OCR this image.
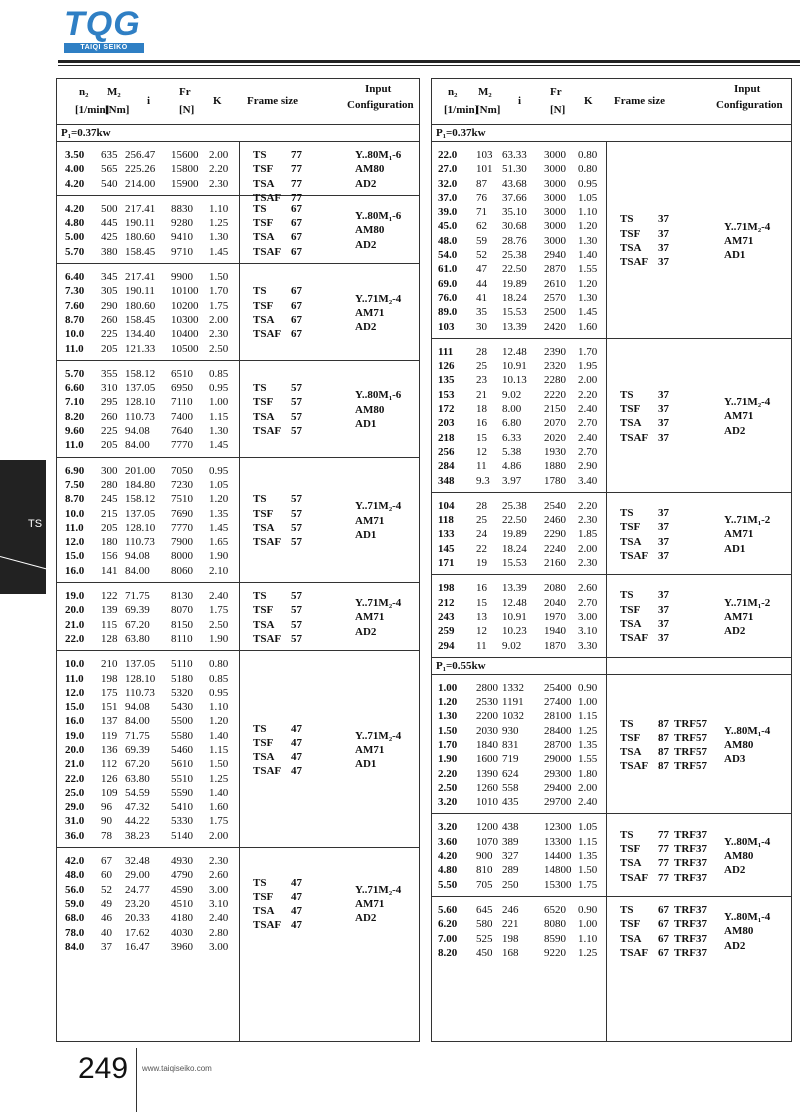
TQG
TAIQI SEIKO
TS
n₂
[1/min]
M₂
[Nm]
i
Fr
[N]
K Frame size
Input
Configuration
P₁=0.37kw
3.50 635 256.47 15600 2.00
4.00 565 225.26 15800 2.20
4.20 540 214.00 15900 2.30
TS 77
TSF 77
TSA 77
TSAF 77
Y..80M₁-6
AM80
AD2
4.20 500 217.41 8830 1.10
4.80 445 190.11 9280 1.25
5.00 425 180.60 9410 1.30
5.70 380 158.45 9710 1.45
TS 67
TSF 67
TSA 67
TSAF 67
Y..80M₁-6
AM80
AD2
6.40 345 217.41 9900 1.50
7.30 305 190.11 10100 1.70
7.60 290 180.60 10200 1.75
8.70 260 158.45 10300 2.00
10.0 225 134.40 10400 2.30
11.0 205 121.33 10500 2.50
TS 67
TSF 67
TSA 67
TSAF 67
Y..71M₂-4
AM71
AD2
5.70 355 158.12 6510 0.85
6.60 310 137.05 6950 0.95
7.10 295 128.10 7110 1.00
8.20 260 110.73 7400 1.15
9.60 225 94.08 7640 1.30
11.0 205 84.00 7770 1.45
TS 57
TSF 57
TSA 57
TSAF 57
Y..80M₁-6
AM80
AD1
6.90 300 201.00 7050 0.95
7.50 280 184.80 7230 1.05
8.70 245 158.12 7510 1.20
10.0 215 137.05 7690 1.35
11.0 205 128.10 7770 1.45
12.0 180 110.73 7900 1.65
15.0 156 94.08 8000 1.90
16.0 141 84.00 8060 2.10
TS 57
TSF 57
TSA 57
TSAF 57
Y..71M₂-4
AM71
AD1
19.0 122 71.75 8130 2.40
20.0 139 69.39 8070 1.75
21.0 115 67.20 8150 2.50
22.0 128 63.80 8110 1.90
TS 57
TSF 57
TSA 57
TSAF 57
Y..71M₂-4
AM71
AD2
10.0 210 137.05 5110 0.80
11.0 198 128.10 5180 0.85
12.0 175 110.73 5320 0.95
15.0 151 94.08 5430 1.10
16.0 137 84.00 5500 1.20
19.0 119 71.75 5580 1.40
20.0 136 69.39 5460 1.15
21.0 112 67.20 5610 1.50
22.0 126 63.80 5510 1.25
25.0 109 54.59 5590 1.40
29.0 96 47.32 5410 1.60
31.0 90 44.22 5330 1.75
36.0 78 38.23 5140 2.00
TS 47
TSF 47
TSA 47
TSAF 47
Y..71M₂-4
AM71
AD1
42.0 67 32.48 4930 2.30
48.0 60 29.00 4790 2.60
56.0 52 24.77 4590 3.00
59.0 49 23.20 4510 3.10
68.0 46 20.33 4180 2.40
78.0 40 17.62 4030 2.80
84.0 37 16.47 3960 3.00
TS 47
TSF 47
TSA 47
TSAF 47
Y..71M₂-4
AM71
AD2
n₂
[1/min]
M₂
[Nm]
i
Fr
[N]
K Frame size
Input
Configuration
P₁=0.37kw
22.0 103 63.33 3000 0.80
27.0 101 51.30 3000 0.80
32.0 87 43.68 3000 0.95
37.0 76 37.66 3000 1.05
39.0 71 35.10 3000 1.10
45.0 62 30.68 3000 1.20
48.0 59 28.76 3000 1.30
54.0 52 25.38 2940 1.40
61.0 47 22.50 2870 1.55
69.0 44 19.89 2610 1.20
76.0 41 18.24 2570 1.30
89.0 35 15.53 2500 1.45
103 30 13.39 2420 1.60
TS 37
TSF 37
TSA 37
TSAF 37
Y..71M₂-4
AM71
AD1
111 28 12.48 2390 1.70
126 25 10.91 2320 1.95
135 23 10.13 2280 2.00
153 21 9.02 2220 2.20
172 18 8.00 2150 2.40
203 16 6.80 2070 2.70
218 15 6.33 2020 2.40
256 12 5.38 1930 2.70
284 11 4.86 1880 2.90
348 9.3 3.97 1780 3.40
TS 37
TSF 37
TSA 37
TSAF 37
Y..71M₂-4
AM71
AD2
104 28 25.38 2540 2.20
118 25 22.50 2460 2.30
133 24 19.89 2290 1.85
145 22 18.24 2240 2.00
171 19 15.53 2160 2.30
TS 37
TSF 37
TSA 37
TSAF 37
Y..71M₁-2
AM71
AD1
198 16 13.39 2080 2.60
212 15 12.48 2040 2.70
243 13 10.91 1970 3.00
259 12 10.23 1940 3.10
294 11 9.02 1870 3.30
TS 37
TSF 37
TSA 37
TSAF 37
Y..71M₁-2
AM71
AD2
P₁=0.55kw
1.00 2800 1332 25400 0.90
1.20 2530 1191 27400 1.00
1.30 2200 1032 28100 1.15
1.50 2030 930 28400 1.25
1.70 1840 831 28700 1.35
1.90 1600 719 29000 1.55
2.20 1390 624 29300 1.80
2.50 1260 558 29400 2.00
3.20 1010 435 29700 2.40
TS 87 TRF57
TSF 87 TRF57
TSA 87 TRF57
TSAF 87 TRF57
Y..80M₁-4
AM80
AD3
3.20 1200 438 12300 1.05
3.60 1070 389 13300 1.15
4.20 900 327 14400 1.35
4.80 810 289 14800 1.50
5.50 705 250 15300 1.75
TS 77 TRF37
TSF 77 TRF37
TSA 77 TRF37
TSAF 77 TRF37
Y..80M₁-4
AM80
AD2
5.60 645 246 6520 0.90
6.20 580 221 8080 1.00
7.00 525 198 8590 1.10
8.20 450 168 9220 1.25
TS 67 TRF37
TSF 67 TRF37
TSA 67 TRF37
TSAF 67 TRF37
Y..80M₁-4
AM80
AD2
249 www.taiqiseiko.com
